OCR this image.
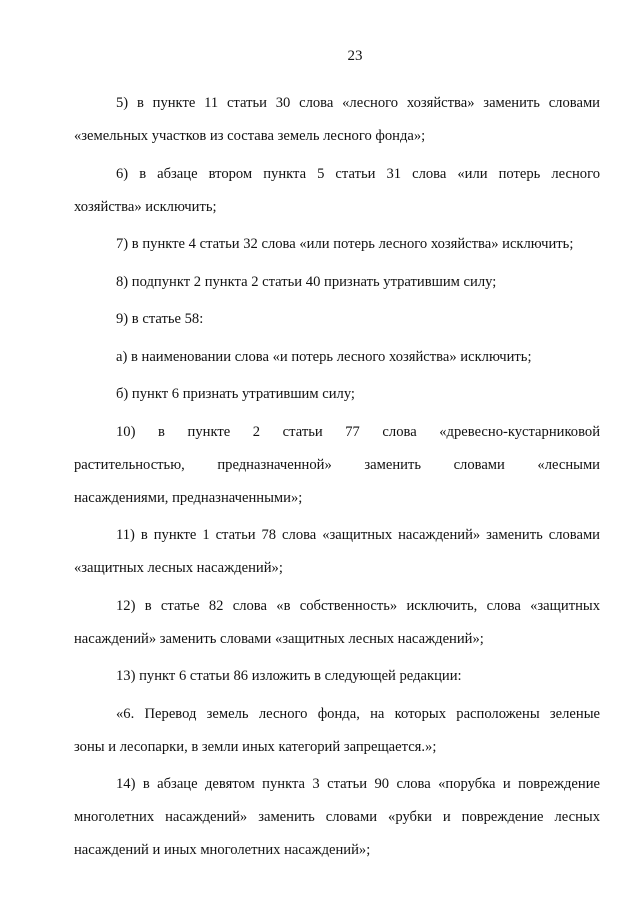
23

5) в пункте 11 статьи 30 слова «лесного хозяйства» заменить словами
«земельных участков из состава земель лесного фонда»;

6) в абзаце втором пункта 5 статьи 31 слова «или потерь лесного
хозяйства» исключить;

7) в пункте 4 статьи 32 слова «или потерь лесного хозяйства» исключить;

8) подпункт 2 пункта 2 статьи 40 признать утратившим силу;

9) в статье 58:

а) в наименовании слова «и потерь лесного хозяйства» исключить;

б) пункт 6 признать утратившим силу;

10) в пункте 2 статьи 77 слова «древесно-кустарниковой
растительностью, предназначенной» заменить словами «лесными
насаждениями, предназначенными»;

11) в пункте 1 статьи 78 слова «защитных насаждений» заменить словами
«защитных лесных насаждений»;

12) в статье 82 слова «в собственность» исключить, слова «защитных
насаждений» заменить словами «защитных лесных насаждений»;

13) пункт 6 статьи 86 изложить в следующей редакции:

«6. Перевод земель лесного фонда, на которых расположены зеленые
зоны и лесопарки, в земли иных категорий запрещается.»;

14) в абзаце девятом пункта 3 статьи 90 слова «порубка и повреждение
многолетних насаждений» заменить словами «рубки и повреждение лесных
насаждений и иных многолетних насаждений»;
